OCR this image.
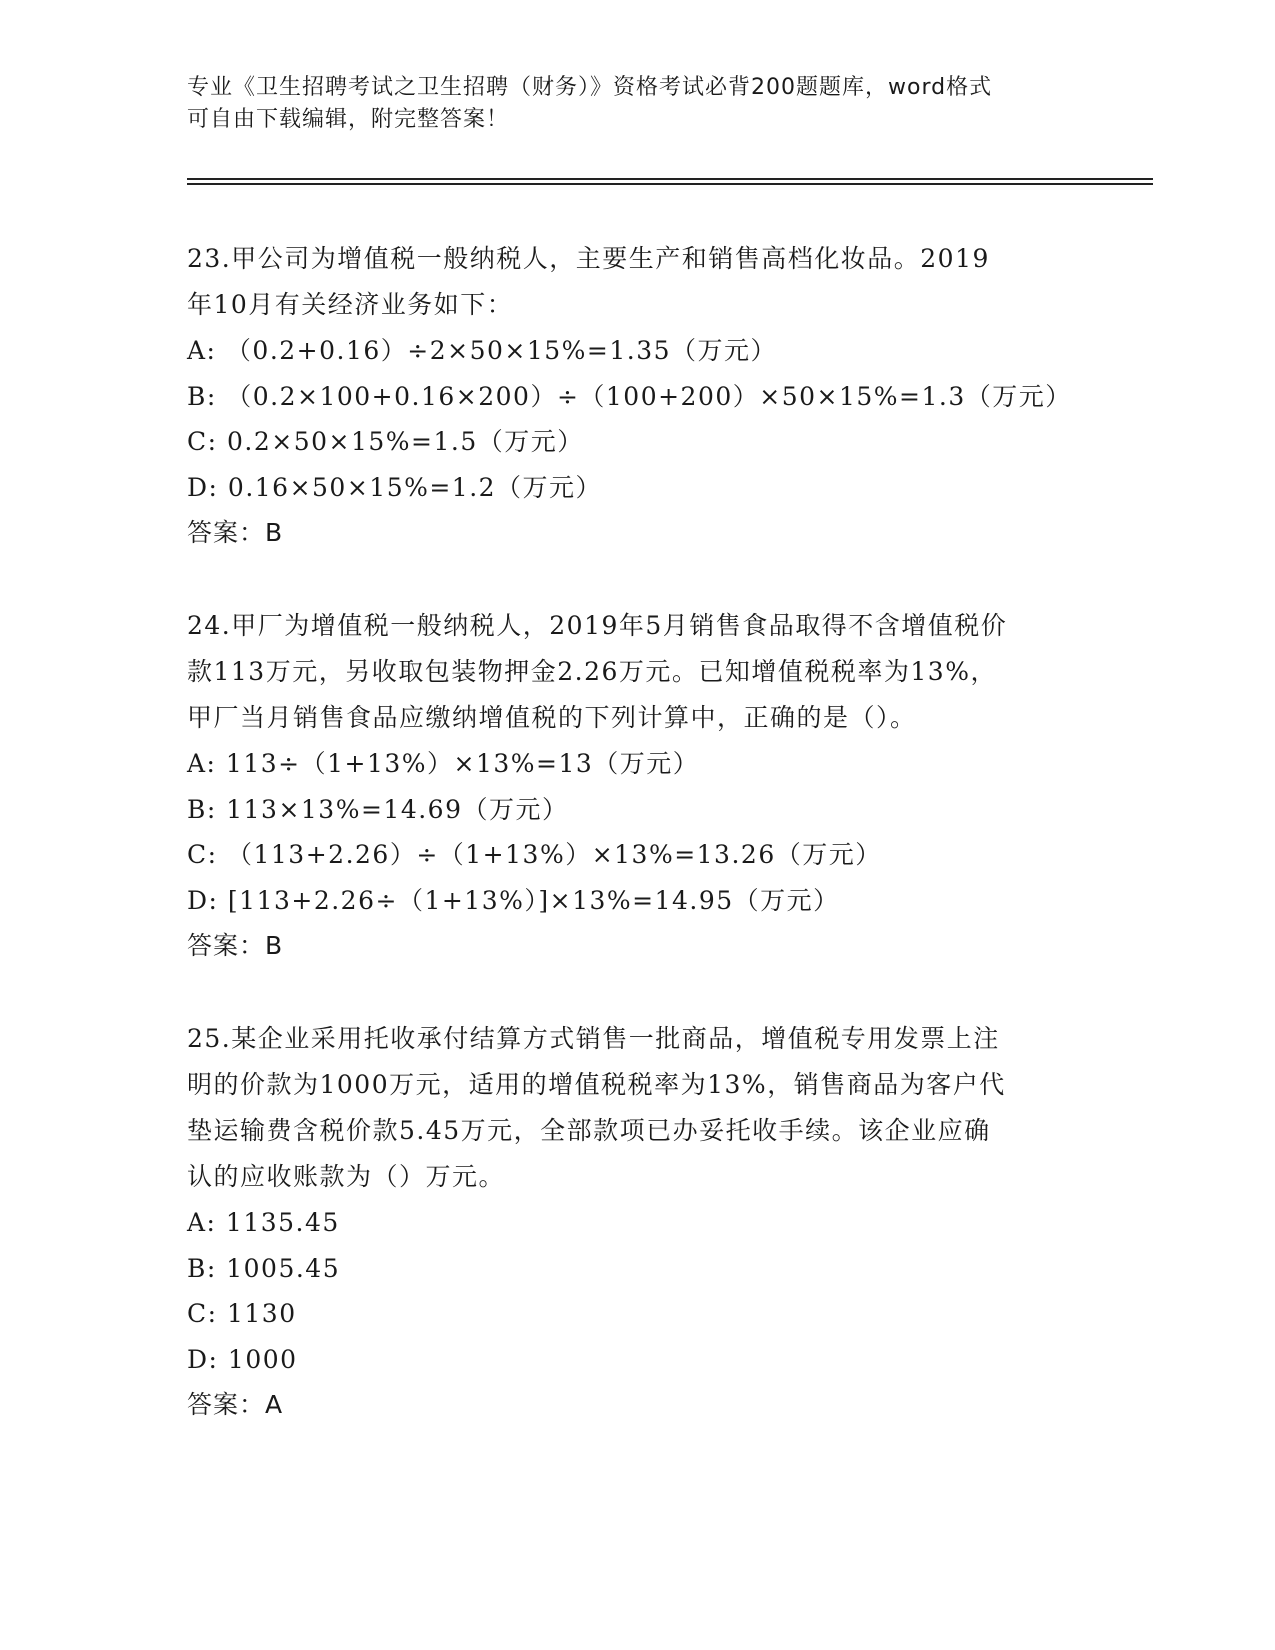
专业《卫生招聘考试之卫生招聘（财务）》资格考试必背200题题库，word格式
可自由下载编辑，附完整答案！
23.甲公司为增值税一般纳税人，主要生产和销售高档化妆品。2019
年10月有关经济业务如下：
A: （0.2+0.16）÷2×50×15%=1.35（万元）
B: （0.2×100+0.16×200）÷（100+200）×50×15%=1.3（万元）
C: 0.2×50×15%=1.5（万元）
D: 0.16×50×15%=1.2（万元）
答案：B
24.甲厂为增值税一般纳税人，2019年5月销售食品取得不含增值税价
款113万元，另收取包装物押金2.26万元。已知增值税税率为13%，
甲厂当月销售食品应缴纳增值税的下列计算中，正确的是（）。
A: 113÷（1+13%）×13%=13（万元）
B: 113×13%=14.69（万元）
C: （113+2.26）÷（1+13%）×13%=13.26（万元）
D: [113+2.26÷（1+13%）]×13%=14.95（万元）
答案：B
25.某企业采用托收承付结算方式销售一批商品，增值税专用发票上注
明的价款为1000万元，适用的增值税税率为13%，销售商品为客户代
垫运输费含税价款5.45万元，全部款项已办妥托收手续。该企业应确
认的应收账款为（）万元。
A: 1135.45
B: 1005.45
C: 1130
D: 1000
答案：A
